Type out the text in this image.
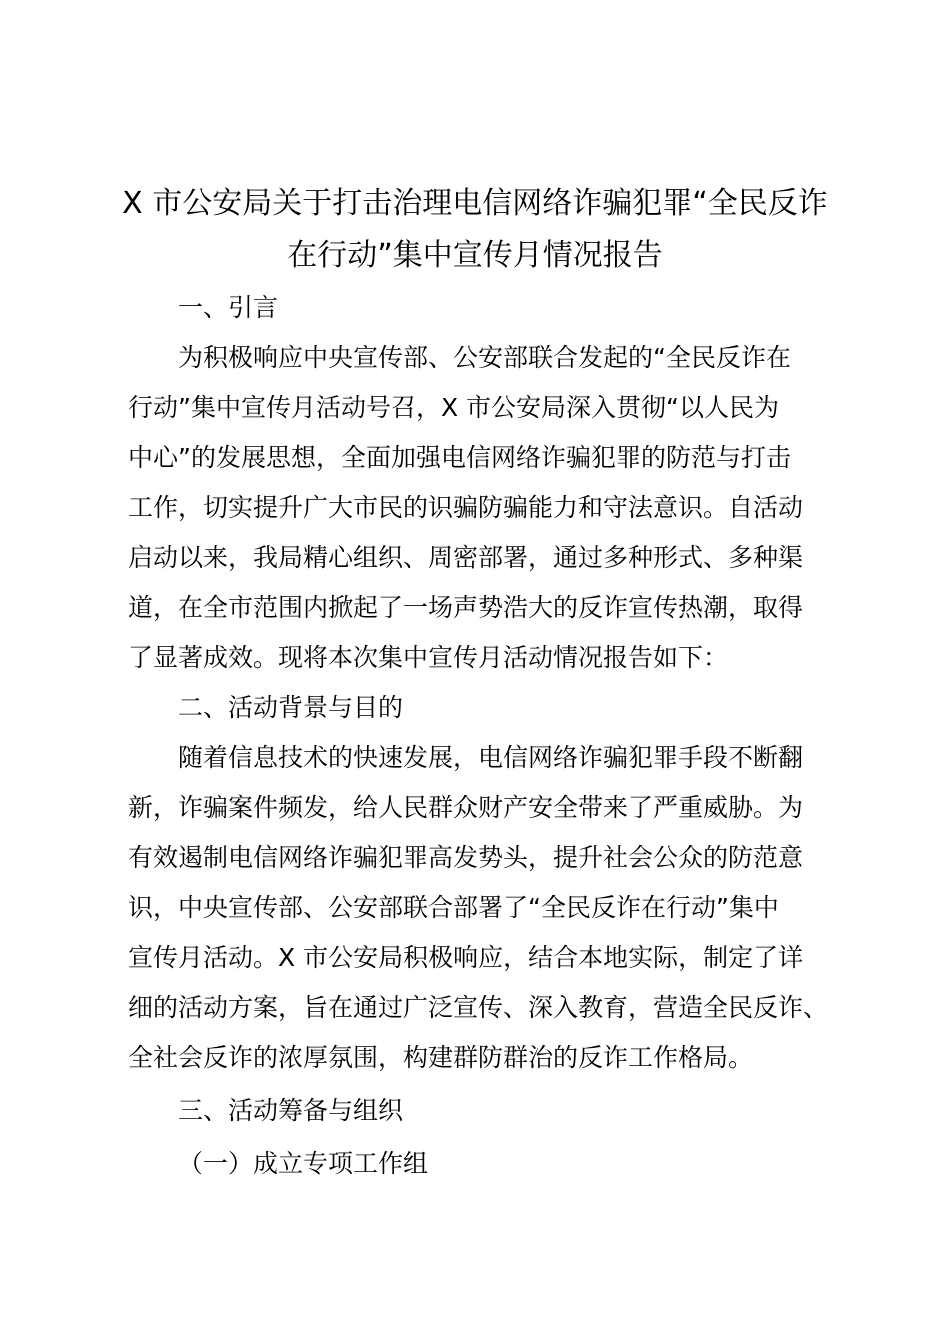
X 市公安局关于打击治理电信网络诈骗犯罪“全民反诈
在行动”集中宣传月情况报告

一、引言

为积极响应中央宣传部、公安部联合发起的“全民反诈在

行动”集中宣传月活动号召，X 市公安局深入贯彻“以人民为

中心”的发展思想，全面加强电信网络诈骗犯罪的防范与打击

工作，切实提升广大市民的识骗防骗能力和守法意识。自活动

启动以来，我局精心组织、周密部署，通过多种形式、多种渠

道，在全市范围内掀起了一场声势浩大的反诈宣传热潮，取得

了显著成效。现将本次集中宣传月活动情况报告如下：

二、活动背景与目的

随着信息技术的快速发展，电信网络诈骗犯罪手段不断翻

新，诈骗案件频发，给人民群众财产安全带来了严重威胁。为

有效遏制电信网络诈骗犯罪高发势头，提升社会公众的防范意

识，中央宣传部、公安部联合部署了“全民反诈在行动”集中

宣传月活动。X 市公安局积极响应，结合本地实际，制定了详

细的活动方案，旨在通过广泛宣传、深入教育，营造全民反诈、

全社会反诈的浓厚氛围，构建群防群治的反诈工作格局。

三、活动筹备与组织

（一）成立专项工作组
